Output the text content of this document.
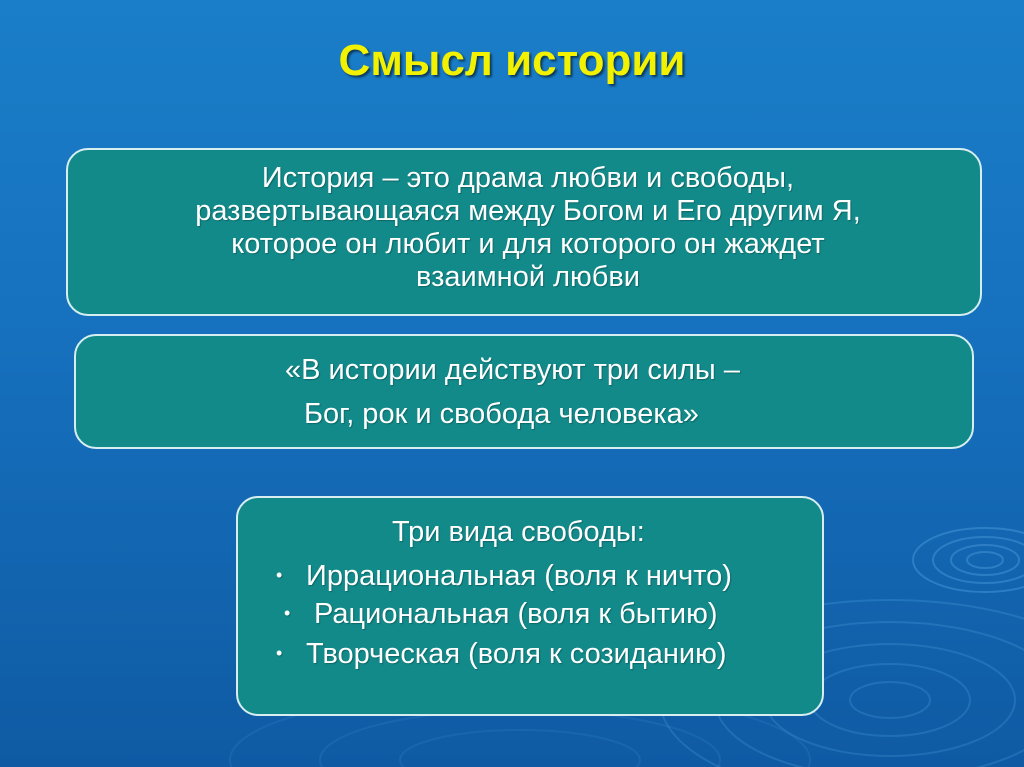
Смысл истории
История – это драма любви и свободы,
развертывающаяся между Богом и Его другим Я,
которое он любит и для которого он жаждет
взаимной любви
«В истории действуют три силы –
Бог, рок и свобода человека»
Три вида свободы:
• Иррациональная (воля к ничто)
• Рациональная (воля к бытию)
• Творческая (воля к созиданию)
